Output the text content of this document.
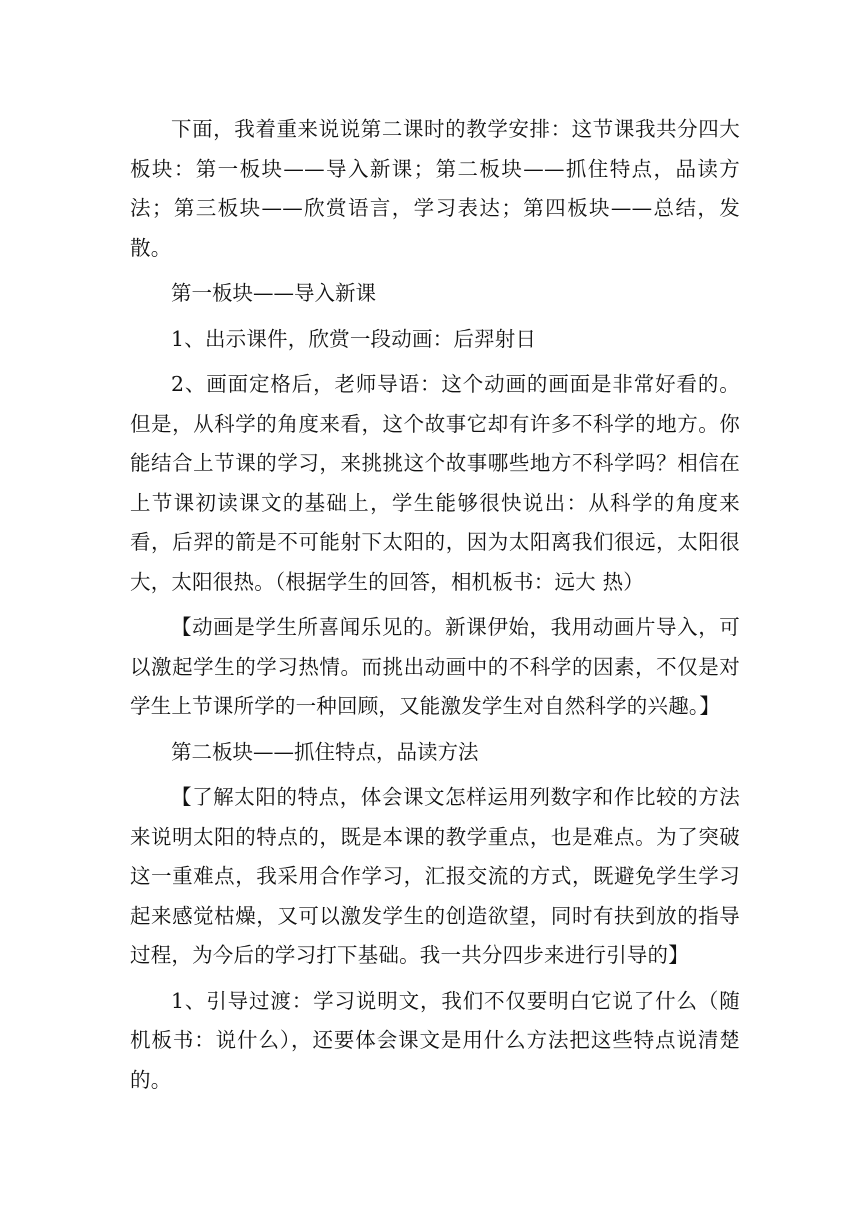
下面，我着重来说说第二课时的教学安排：这节课我共分四大板块：第一板块——导入新课；第二板块——抓住特点，品读方法；第三板块——欣赏语言，学习表达；第四板块——总结，发散。

第一板块——导入新课

1、出示课件，欣赏一段动画：后羿射日

2、画面定格后，老师导语：这个动画的画面是非常好看的。但是，从科学的角度来看，这个故事它却有许多不科学的地方。你能结合上节课的学习，来挑挑这个故事哪些地方不科学吗？相信在上节课初读课文的基础上，学生能够很快说出：从科学的角度来看，后羿的箭是不可能射下太阳的，因为太阳离我们很远，太阳很大，太阳很热。（根据学生的回答，相机板书：远大 热）

【动画是学生所喜闻乐见的。新课伊始，我用动画片导入，可以激起学生的学习热情。而挑出动画中的不科学的因素，不仅是对学生上节课所学的一种回顾，又能激发学生对自然科学的兴趣。】

第二板块——抓住特点，品读方法

【了解太阳的特点，体会课文怎样运用列数字和作比较的方法来说明太阳的特点的，既是本课的教学重点，也是难点。为了突破这一重难点，我采用合作学习，汇报交流的方式，既避免学生学习起来感觉枯燥，又可以激发学生的创造欲望，同时有扶到放的指导过程，为今后的学习打下基础。我一共分四步来进行引导的】

1、引导过渡：学习说明文，我们不仅要明白它说了什么（随机板书：说什么），还要体会课文是用什么方法把这些特点说清楚的。
